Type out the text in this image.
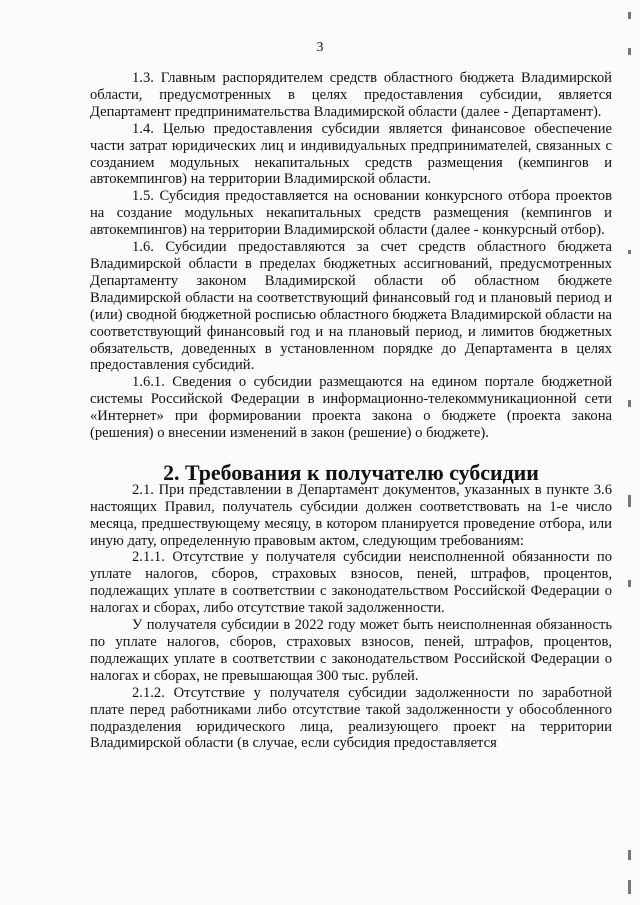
3

1.3. Главным распорядителем средств областного бюджета Владимирской области, предусмотренных в целях предоставления субсидии, является Департамент предпринимательства Владимирской области (далее - Департамент).

1.4. Целью предоставления субсидии является финансовое обеспечение части затрат юридических лиц и индивидуальных предпринимателей, связанных с созданием модульных некапитальных средств размещения (кемпингов и автокемпингов) на территории Владимирской области.

1.5. Субсидия предоставляется на основании конкурсного отбора проектов на создание модульных некапитальных средств размещения (кемпингов и автокемпингов) на территории Владимирской области (далее - конкурсный отбор).

1.6. Субсидии предоставляются за счет средств областного бюджета Владимирской области в пределах бюджетных ассигнований, предусмотренных Департаменту законом Владимирской области об областном бюджете Владимирской области на соответствующий финансовый год и плановый период и (или) сводной бюджетной росписью областного бюджета Владимирской области на соответствующий финансовый год и на плановый период, и лимитов бюджетных обязательств, доведенных в установленном порядке до Департамента в целях предоставления субсидий.

1.6.1. Сведения о субсидии размещаются на едином портале бюджетной системы Российской Федерации в информационно-телекоммуникационной сети «Интернет» при формировании проекта закона о бюджете (проекта закона (решения) о внесении изменений в закон (решение) о бюджете).

2. Требования к получателю субсидии

2.1. При представлении в Департамент документов, указанных в пункте 3.6 настоящих Правил, получатель субсидии должен соответствовать на 1-е число месяца, предшествующему месяцу, в котором планируется проведение отбора, или иную дату, определенную правовым актом, следующим требованиям:

2.1.1. Отсутствие у получателя субсидии неисполненной обязанности по уплате налогов, сборов, страховых взносов, пеней, штрафов, процентов, подлежащих уплате в соответствии с законодательством Российской Федерации о налогах и сборах, либо отсутствие такой задолженности.

У получателя субсидии в 2022 году может быть неисполненная обязанность по уплате налогов, сборов, страховых взносов, пеней, штрафов, процентов, подлежащих уплате в соответствии с законодательством Российской Федерации о налогах и сборах, не превышающая 300 тыс. рублей.

2.1.2. Отсутствие у получателя субсидии задолженности по заработной плате перед работниками либо отсутствие такой задолженности у обособленного подразделения юридического лица, реализующего проект на территории Владимирской области (в случае, если субсидия предоставляется
